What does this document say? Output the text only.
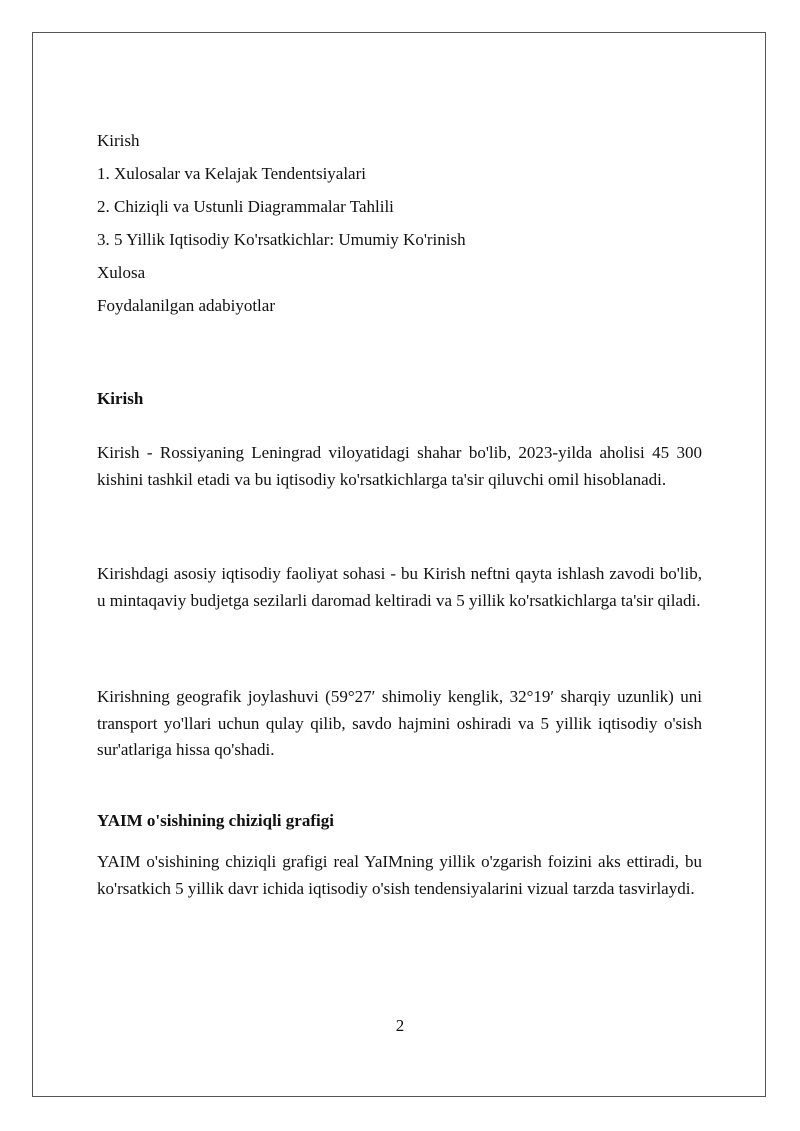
Kirish
1. Xulosalar va Kelajak Tendentsiyalari
2. Chiziqli va Ustunli Diagrammalar Tahlili
3. 5 Yillik Iqtisodiy Ko'rsatkichlar: Umumiy Ko'rinish
Xulosa
Foydalanilgan adabiyotlar
Kirish

Kirish - Rossiyaning Leningrad viloyatidagi shahar bo'lib, 2023-yilda aholisi 45 300 kishini tashkil etadi va bu iqtisodiy ko'rsatkichlarga ta'sir qiluvchi omil hisoblanadi.

Kirishdagi asosiy iqtisodiy faoliyat sohasi - bu Kirish neftni qayta ishlash zavodi bo'lib, u mintaqaviy budjetga sezilarli daromad keltiradi va 5 yillik ko'rsatkichlarga ta'sir qiladi.

Kirishning geografik joylashuvi (59°27′ shimoliy kenglik, 32°19′ sharqiy uzunlik) uni transport yo'llari uchun qulay qilib, savdo hajmini oshiradi va 5 yillik iqtisodiy o'sish sur'atlariga hissa qo'shadi.

YAIM o'sishining chiziqli grafigi

YAIM o'sishining chiziqli grafigi real YaIMning yillik o'zgarish foizini aks ettiradi, bu ko'rsatkich 5 yillik davr ichida iqtisodiy o'sish tendensiyalarini vizual tarzda tasvirlaydi.

2
